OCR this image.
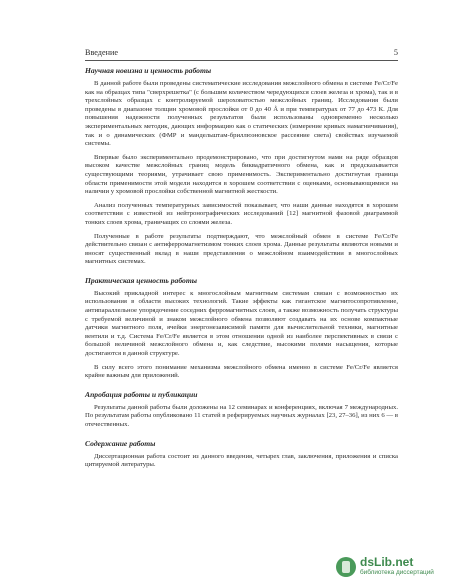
Введение	5
Научная новизна и ценность работы

В данной работе были проведены систематические исследования межслойного обмена в системе Fe/Cr/Fe как на образцах типа "сверхрешетка" (с большим количеством чередующихся слоев железа и хрома), так и в трехслойных образцах с контролируемой шероховатостью межслойных границ. Исследования были проведены в диапазоне толщин хромовой прослойки от 0 до 40 Å и при температурах от 77 до 473 К. Для повышения надежности полученных результатов были использованы одновременно несколько экспериментальных методик, дающих информацию как о статических (измерение кривых намагничивания), так и о динамических (ФМР и мандельштам-бриллюэновское рассеяние света) свойствах изучаемой системы.

Впервые было экспериментально продемонстрировано, что при достигнутом нами на ряде образцов высоком качестве межслойных границ модель биквадратичного обмена, как и предсказывается существующими теориями, утрачивает свою применимость. Экспериментально достигнутая граница области применимости этой модели находится в хорошем соответствии с оценками, основывающимися на наличии у хромовой прослойки собственной магнитной жесткости.

Анализ полученных температурных зависимостей показывает, что наши данные находятся в хорошем соответствии с известной из нейтронографических исследований [12] магнитной фазовой диаграммой тонких слоев хрома, граничащих со слоями железа.

Полученные в работе результаты подтверждают, что межслойный обмен в системе Fe/Cr/Fe действительно связан с антиферромагнетизмом тонких слоев хрома. Данные результаты являются новыми и вносят существенный вклад в наши представления о межслойном взаимодействии в многослойных магнитных системах.

Практическая ценность работы

Высокий прикладной интерес к многослойным магнитным системам связан с возможностью их использования в области высоких технологий. Такие эффекты как гигантское магнитосопротивление, антипараллельное упорядочение соседних ферромагнитных слоев, а также возможность получать структуры с требуемой величиной и знаком межслойного обмена позволяют создавать на их основе компактные датчики магнитного поля, ячейки энергонезависимой памяти для вычислительной техники, магнитные вентили и т.д. Система Fe/Cr/Fe является в этом отношении одной из наиболее перспективных в связи с большой величиной межслойного обмена и, как следствие, высокими полями насыщения, которые достигаются в данной структуре.

В силу всего этого понимание механизма межслойного обмена именно в системе Fe/Cr/Fe является крайне важным для приложений.

Апробация работы и публикации

Результаты данной работы были доложены на 12 семинарах и конференциях, включая 7 международных. По результатам работы опубликовано 11 статей в реферируемых научных журналах [23, 27–36], из них 6 — в отечественных.

Содержание работы

Диссертационная работа состоит из данного введения, четырех глав, заключения, приложения и списка цитируемой литературы.

dsLib.net
библиотека диссертаций
